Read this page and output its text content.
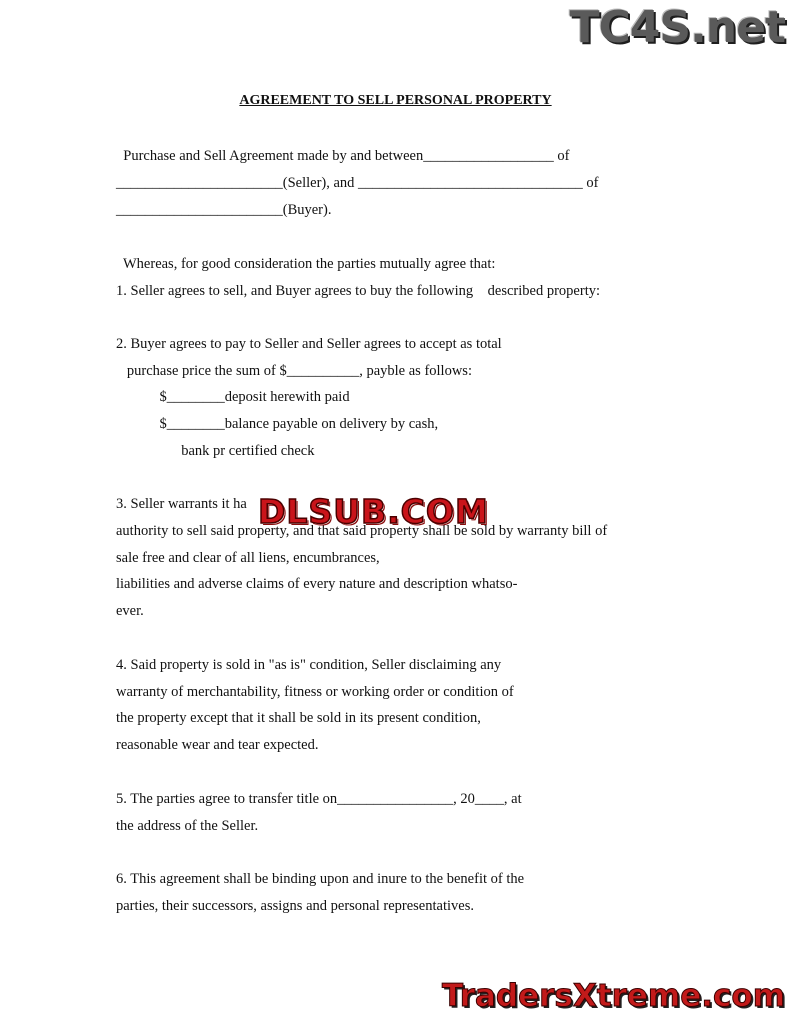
TC4S.net
AGREEMENT TO SELL PERSONAL PROPERTY
Purchase and Sell Agreement made by and between__________________ of
_______________________(Seller), and _______________________________ of
_______________________(Buyer).
Whereas, for good consideration the parties mutually agree that:
1. Seller agrees to sell, and Buyer agrees to buy the following    described property:
2. Buyer agrees to pay to Seller and Seller agrees to accept as total
purchase price the sum of $__________, payble as follows:
$________deposit herewith paid
$________balance payable on delivery by cash,
bank pr certified check
3. Seller warrants it ha
authority to sell said property, and that said property shall be sold by warranty bill of
sale free and clear of all liens, encumbrances,
liabilities and adverse claims of every nature and description whatso-
ever.
4. Said property is sold in "as is" condition, Seller disclaiming any
warranty of merchantability, fitness or working order or condition of
the property except that it shall be sold in its present condition,
reasonable wear and tear expected.
5. The parties agree to transfer title on________________, 20____, at
the address of the Seller.
6. This agreement shall be binding upon and inure to the benefit of the
parties, their successors, assigns and personal representatives.
DLSUB.COM
TradersXtreme.com
